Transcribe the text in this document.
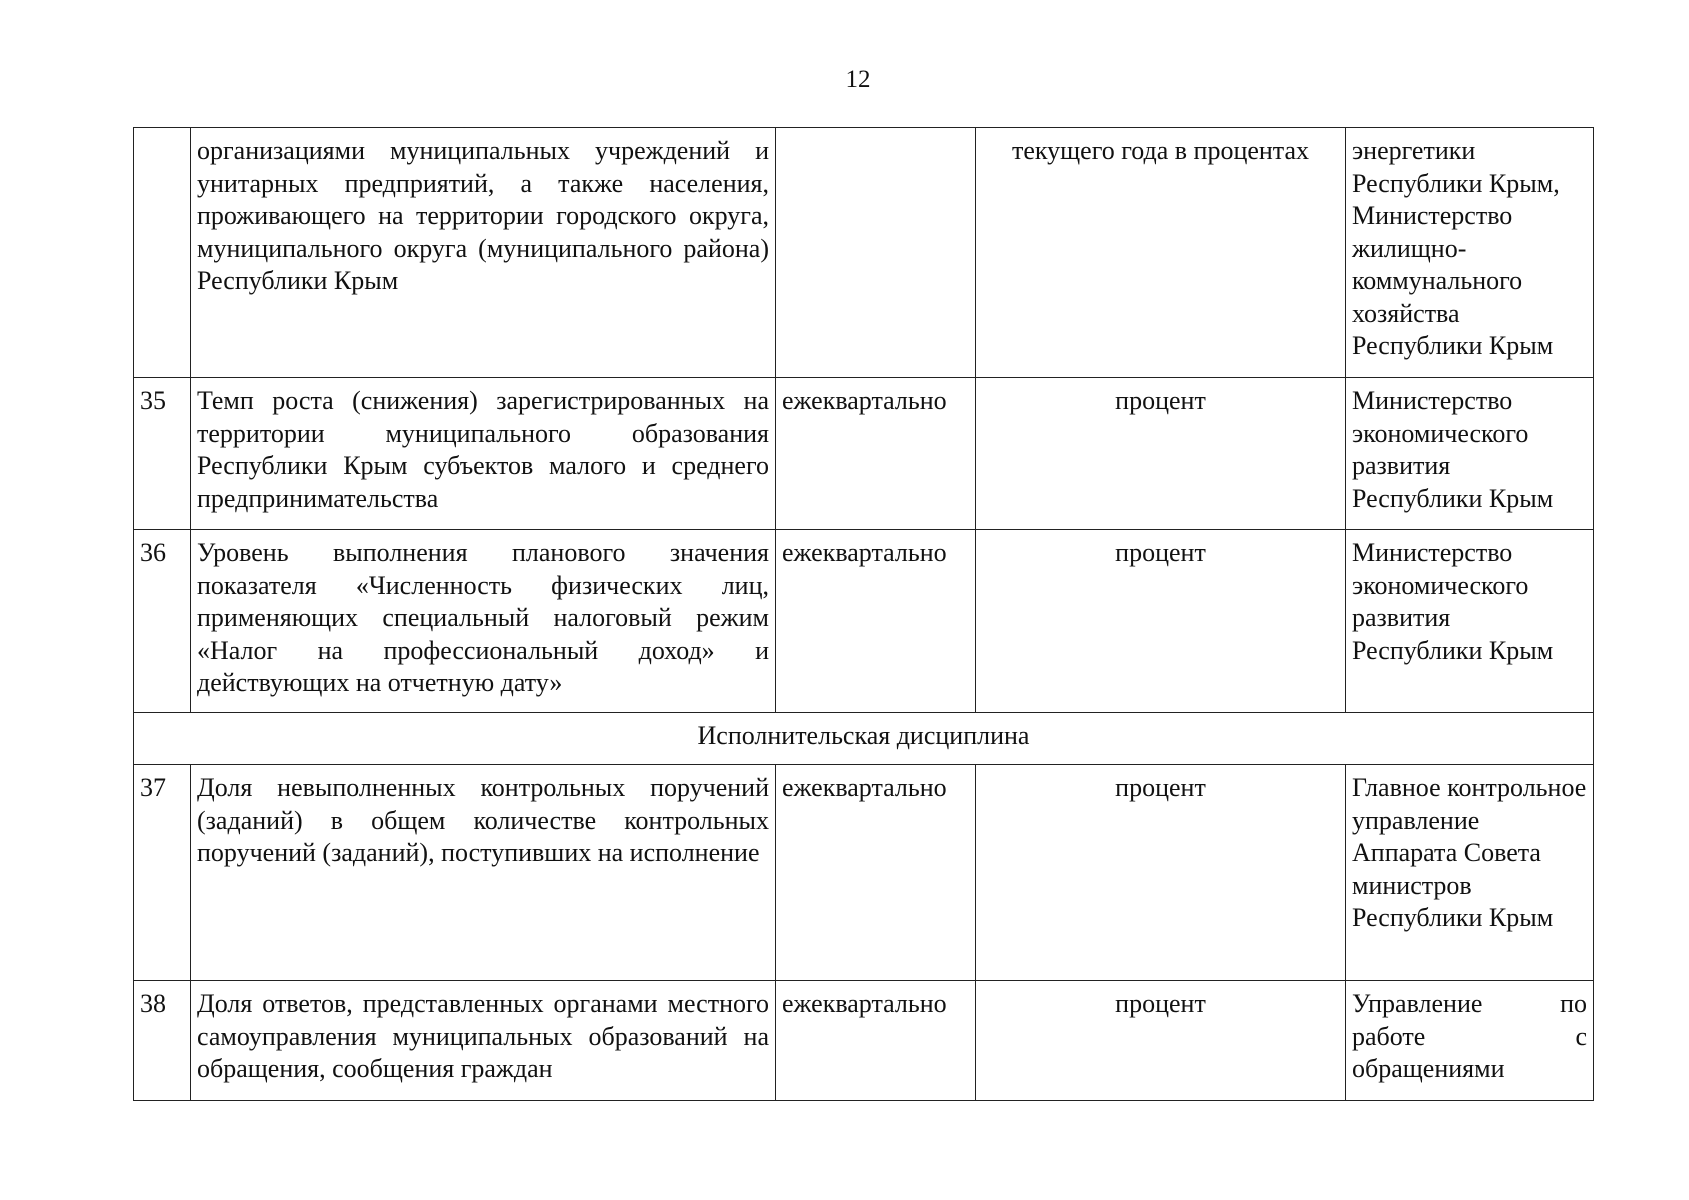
12
	организациями муниципальных учреждений и унитарных предприятий, а также населения, проживающего на территории городского округа, муниципального округа (муниципального района) Республики Крым		текущего года в процентах	энергетики Республики Крым, Министерство жилищно-коммунального хозяйства Республики Крым
35	Темп роста (снижения) зарегистрированных на территории муниципального образования Республики Крым субъектов малого и среднего предпринимательства	ежеквартально	процент	Министерство экономического развития Республики Крым
36	Уровень выполнения планового значения показателя «Численность физических лиц, применяющих специальный налоговый режим «Налог на профессиональный доход» и действующих на отчетную дату»	ежеквартально	процент	Министерство экономического развития Республики Крым
Исполнительская дисциплина				
37	Доля невыполненных контрольных поручений (заданий) в общем количестве контрольных поручений (заданий), поступивших на исполнение	ежеквартально	процент	Главное контрольное управление Аппарата Совета министров Республики Крым
38	Доля ответов, представленных органами местного самоуправления муниципальных образований на обращения, сообщения граждан	ежеквартально	процент	Управление по работе с обращениями
